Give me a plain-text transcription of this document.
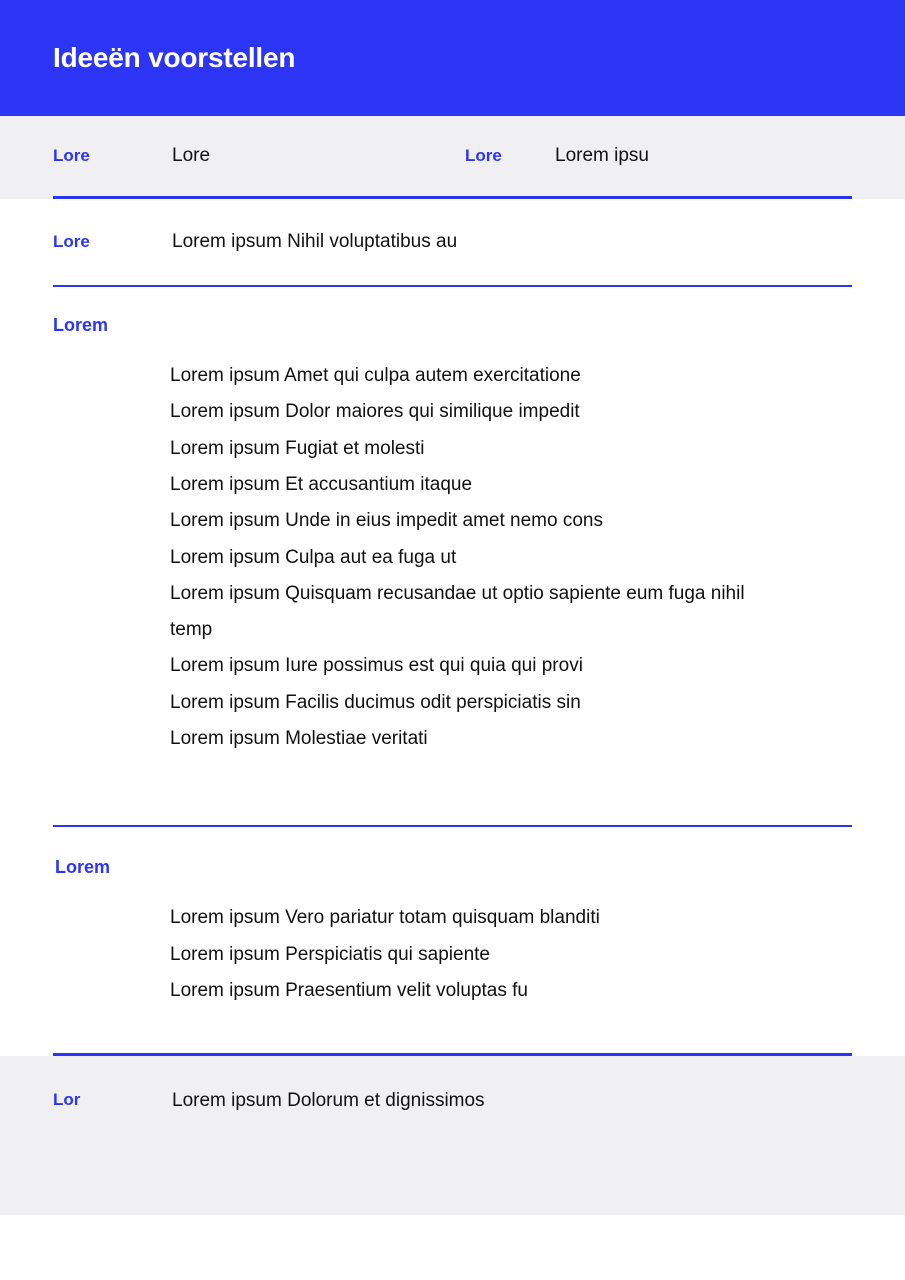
Ideeën voorstellen
Lore	Lore	Lore	Lorem ipsu
Lore	Lorem ipsum Nihil voluptatibus au
Lorem
Lorem ipsum Amet qui culpa autem exercitatione
Lorem ipsum Dolor maiores qui similique impedit
Lorem ipsum Fugiat et molesti
Lorem ipsum Et accusantium itaque
Lorem ipsum Unde in eius impedit amet nemo cons
Lorem ipsum Culpa aut ea fuga ut
Lorem ipsum Quisquam recusandae ut optio sapiente eum fuga nihil temp
Lorem ipsum Iure possimus est qui quia qui provi
Lorem ipsum Facilis ducimus odit perspiciatis sin
Lorem ipsum Molestiae veritati
Lorem
Lorem ipsum Vero pariatur totam quisquam blanditi
Lorem ipsum Perspiciatis qui sapiente
Lorem ipsum Praesentium velit voluptas fu
Lor	Lorem ipsum Dolorum et dignissimos
